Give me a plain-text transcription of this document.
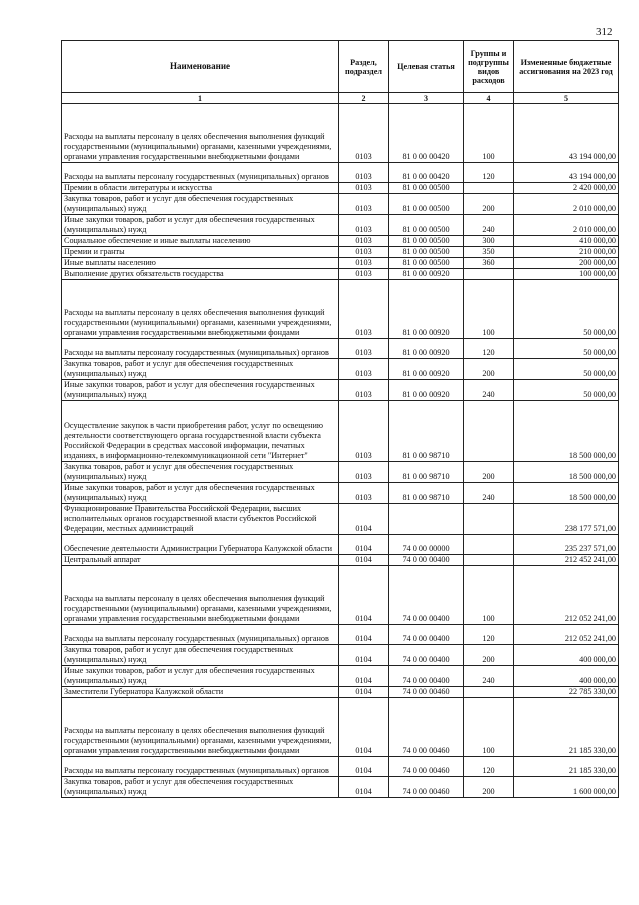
312
Наименование	Раздел, подраздел	Целевая статья	Группы и подгруппы видов расходов	Измененные бюджетные ассигнования на 2023 год
1	2	3	4	5
Расходы на выплаты персоналу в целях обеспечения выполнения функций государственными (муниципальными) органами, казенными учреждениями, органами управления государственными внебюджетными фондами	0103	81 0 00 00420	100	43 194 000,00
Расходы на выплаты персоналу государственных (муниципальных) органов	0103	81 0 00 00420	120	43 194 000,00
Премии в области литературы и искусства	0103	81 0 00 00500		2 420 000,00
Закупка товаров, работ и услуг для обеспечения государственных (муниципальных) нужд	0103	81 0 00 00500	200	2 010 000,00
Иные закупки товаров, работ и услуг для обеспечения государственных (муниципальных) нужд	0103	81 0 00 00500	240	2 010 000,00
Социальное обеспечение и иные выплаты населению	0103	81 0 00 00500	300	410 000,00
Премии и гранты	0103	81 0 00 00500	350	210 000,00
Иные выплаты населению	0103	81 0 00 00500	360	200 000,00
Выполнение других обязательств государства	0103	81 0 00 00920		100 000,00
Расходы на выплаты персоналу в целях обеспечения выполнения функций государственными (муниципальными) органами, казенными учреждениями, органами управления государственными внебюджетными фондами	0103	81 0 00 00920	100	50 000,00
Расходы на выплаты персоналу государственных (муниципальных) органов	0103	81 0 00 00920	120	50 000,00
Закупка товаров, работ и услуг для обеспечения государственных (муниципальных) нужд	0103	81 0 00 00920	200	50 000,00
Иные закупки товаров, работ и услуг для обеспечения государственных (муниципальных) нужд	0103	81 0 00 00920	240	50 000,00
Осуществление закупок в части приобретения работ, услуг по освещению деятельности соответствующего органа государственной власти субъекта Российской Федерации в средствах массовой информации, печатных изданиях, в информационно-телекоммуникационной сети "Интернет"	0103	81 0 00 98710		18 500 000,00
Закупка товаров, работ и услуг для обеспечения государственных (муниципальных) нужд	0103	81 0 00 98710	200	18 500 000,00
Иные закупки товаров, работ и услуг для обеспечения государственных (муниципальных) нужд	0103	81 0 00 98710	240	18 500 000,00
Функционирование Правительства Российской Федерации, высших исполнительных органов государственной власти субъектов Российской Федерации, местных администраций	0104			238 177 571,00
Обеспечение деятельности Администрации Губернатора Калужской области	0104	74 0 00 00000		235 237 571,00
Центральный аппарат	0104	74 0 00 00400		212 452 241,00
Расходы на выплаты персоналу в целях обеспечения выполнения функций государственными (муниципальными) органами, казенными учреждениями, органами управления государственными внебюджетными фондами	0104	74 0 00 00400	100	212 052 241,00
Расходы на выплаты персоналу государственных (муниципальных) органов	0104	74 0 00 00400	120	212 052 241,00
Закупка товаров, работ и услуг для обеспечения государственных (муниципальных) нужд	0104	74 0 00 00400	200	400 000,00
Иные закупки товаров, работ и услуг для обеспечения государственных (муниципальных) нужд	0104	74 0 00 00400	240	400 000,00
Заместители Губернатора Калужской области	0104	74 0 00 00460		22 785 330,00
Расходы на выплаты персоналу в целях обеспечения выполнения функций государственными (муниципальными) органами, казенными учреждениями, органами управления государственными внебюджетными фондами	0104	74 0 00 00460	100	21 185 330,00
Расходы на выплаты персоналу государственных (муниципальных) органов	0104	74 0 00 00460	120	21 185 330,00
Закупка товаров, работ и услуг для обеспечения государственных (муниципальных) нужд	0104	74 0 00 00460	200	1 600 000,00
